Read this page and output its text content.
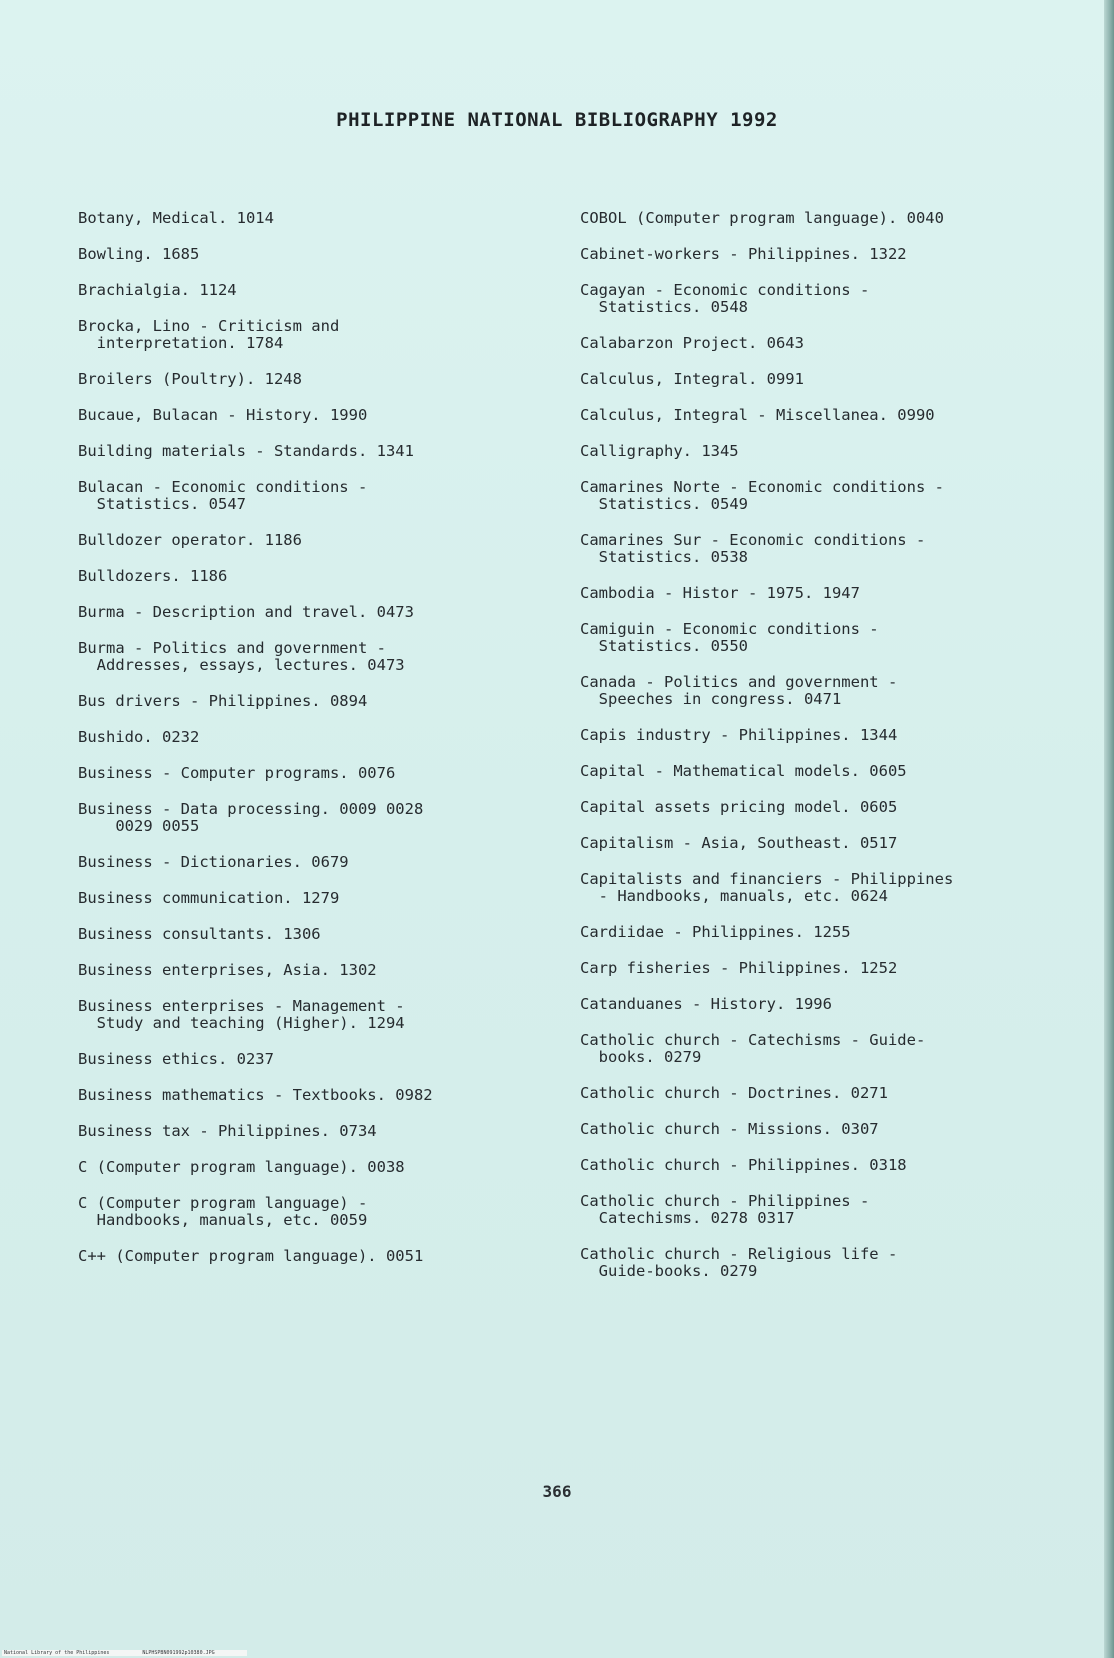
PHILIPPINE NATIONAL BIBLIOGRAPHY 1992
Botany, Medical. 1014
Bowling. 1685
Brachialgia. 1124
Brocka, Lino - Criticism and
interpretation. 1784
Broilers (Poultry). 1248
Bucaue, Bulacan - History. 1990
Building materials - Standards. 1341
Bulacan - Economic conditions -
Statistics. 0547
Bulldozer operator. 1186
Bulldozers. 1186
Burma - Description and travel. 0473
Burma - Politics and government -
Addresses, essays, lectures. 0473
Bus drivers - Philippines. 0894
Bushido. 0232
Business - Computer programs. 0076
Business - Data processing. 0009 0028
0029 0055
Business - Dictionaries. 0679
Business communication. 1279
Business consultants. 1306
Business enterprises, Asia. 1302
Business enterprises - Management -
Study and teaching (Higher). 1294
Business ethics. 0237
Business mathematics - Textbooks. 0982
Business tax - Philippines. 0734
C (Computer program language). 0038
C (Computer program language) -
Handbooks, manuals, etc. 0059
C++ (Computer program language). 0051
COBOL (Computer program language). 0040
Cabinet-workers - Philippines. 1322
Cagayan - Economic conditions -
Statistics. 0548
Calabarzon Project. 0643
Calculus, Integral. 0991
Calculus, Integral - Miscellanea. 0990
Calligraphy. 1345
Camarines Norte - Economic conditions -
Statistics. 0549
Camarines Sur - Economic conditions -
Statistics. 0538
Cambodia - Histor - 1975. 1947
Camiguin - Economic conditions -
Statistics. 0550
Canada - Politics and government -
Speeches in congress. 0471
Capis industry - Philippines. 1344
Capital - Mathematical models. 0605
Capital assets pricing model. 0605
Capitalism - Asia, Southeast. 0517
Capitalists and financiers - Philippines
- Handbooks, manuals, etc. 0624
Cardiidae - Philippines. 1255
Carp fisheries - Philippines. 1252
Catanduanes - History. 1996
Catholic church - Catechisms - Guide-
books. 0279
Catholic church - Doctrines. 0271
Catholic church - Missions. 0307
Catholic church - Philippines. 0318
Catholic church - Philippines -
Catechisms. 0278 0317
Catholic church - Religious life -
Guide-books. 0279
366
National Library of the Philippines	NLPHSPBN091992p10380.JPG
